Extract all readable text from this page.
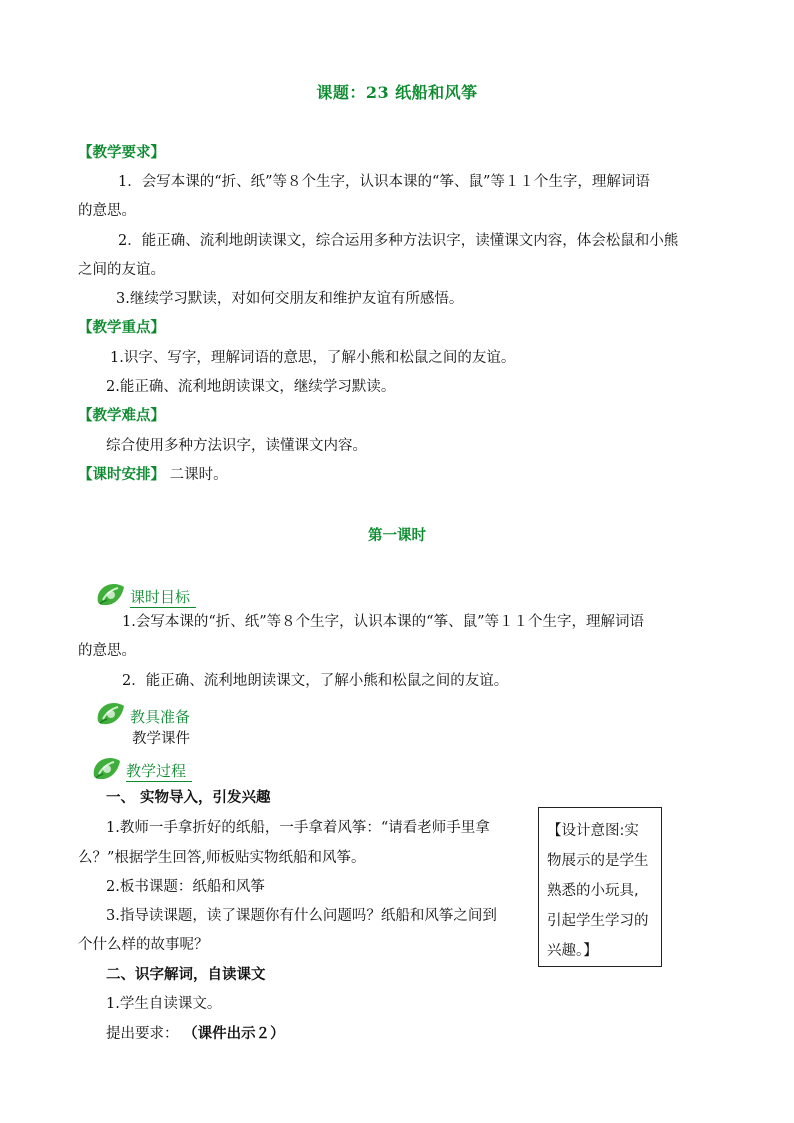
课题：23 纸船和风筝
【教学要求】
1．会写本课的“折、纸”等８个生字，认识本课的“筝、鼠”等１１个生字，理解词语
的意思。
2．能正确、流利地朗读课文，综合运用多种方法识字，读懂课文内容，体会松鼠和小熊
之间的友谊。
3.继续学习默读，对如何交朋友和维护友谊有所感悟。
【教学重点】
1.识字、写字，理解词语的意思，了解小熊和松鼠之间的友谊。
2.能正确、流利地朗读课文，继续学习默读。
【教学难点】
综合使用多种方法识字，读懂课文内容。
【课时安排】 二课时。
第一课时
课时目标
1.会写本课的“折、纸”等８个生字，认识本课的“筝、鼠”等１１个生字，理解词语
的意思。
2．能正确、流利地朗读课文，了解小熊和松鼠之间的友谊。
教具准备
教学课件
教学过程
一、 实物导入，引发兴趣
1.教师一手拿折好的纸船，一手拿着风筝：“请看老师手里拿
么？”根据学生回答,师板贴实物纸船和风筝。
2.板书课题：纸船和风筝
3.指导读课题，读了课题你有什么问题吗？纸船和风筝之间到
个什么样的故事呢？
二、识字解词，自读课文
1.学生自读课文。
提出要求： （课件出示２）
【设计意图:实物展示的是学生熟悉的小玩具,引起学生学习的兴趣。】
